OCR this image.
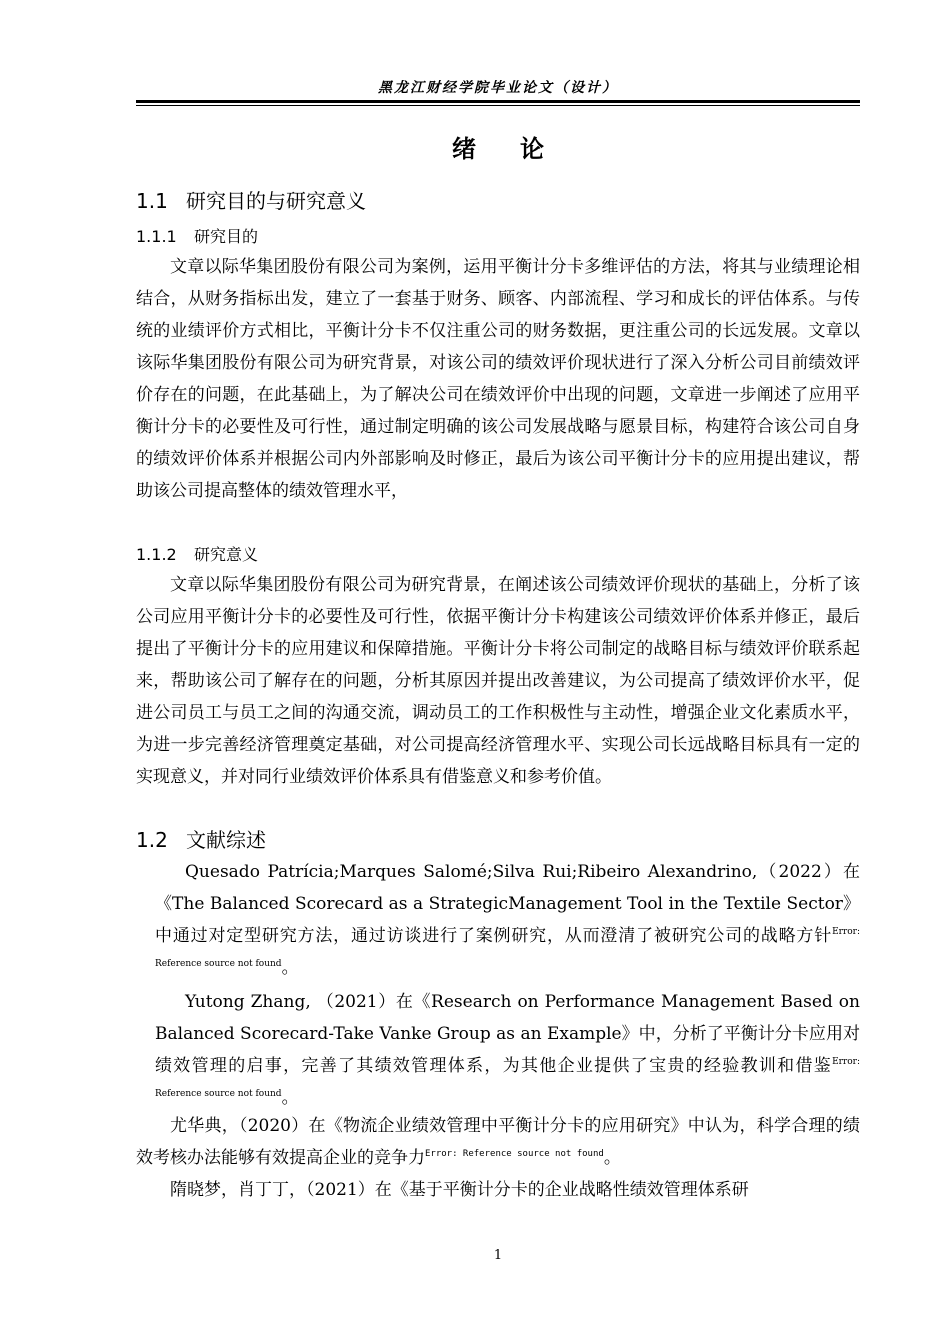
黑龙江财经学院毕业论文（设计）
绪论
1.1 研究目的与研究意义
1.1.1 研究目的

文章以际华集团股份有限公司为案例，运用平衡计分卡多维评估的方法，将其与业绩理论相结合，从财务指标出发，建立了一套基于财务、顾客、内部流程、学习和成长的评估体系。与传统的业绩评价方式相比，平衡计分卡不仅注重公司的财务数据，更注重公司的长远发展。文章以该际华集团股份有限公司为研究背景，对该公司的绩效评价现状进行了深入分析公司目前绩效评价存在的问题，在此基础上，为了解决公司在绩效评价中出现的问题，文章进一步阐述了应用平衡计分卡的必要性及可行性，通过制定明确的该公司发展战略与愿景目标，构建符合该公司自身的绩效评价体系并根据公司内外部影响及时修正，最后为该公司平衡计分卡的应用提出建议，帮助该公司提高整体的绩效管理水平，

1.1.2 研究意义

文章以际华集团股份有限公司为研究背景，在阐述该公司绩效评价现状的基础上，分析了该公司应用平衡计分卡的必要性及可行性，依据平衡计分卡构建该公司绩效评价体系并修正，最后提出了平衡计分卡的应用建议和保障措施。平衡计分卡将公司制定的战略目标与绩效评价联系起来，帮助该公司了解存在的问题，分析其原因并提出改善建议，为公司提高了绩效评价水平，促进公司员工与员工之间的沟通交流，调动员工的工作积极性与主动性，增强企业文化素质水平，为进一步完善经济管理奠定基础，对公司提高经济管理水平、实现公司长远战略目标具有一定的实现意义，并对同行业绩效评价体系具有借鉴意义和参考价值。

1.2 文献综述

Quesado Patrícia;Marques Salomé;Silva Rui;Ribeiro Alexandrino,（2022）在《The Balanced Scorecard as a StrategicManagement Tool in the Textile Sector》中通过对定型研究方法，通过访谈进行了案例研究，从而澄清了被研究公司的战略方针$^{Error: Reference source not found}$。

Yutong Zhang, （2021）在《Research on Performance Management Based on Balanced Scorecard-Take Vanke Group as an Example》中，分析了平衡计分卡应用对绩效管理的启事，完善了其绩效管理体系，为其他企业提供了宝贵的经验教训和借鉴$^{Error: Reference source not found}$。

尤华典，（2020）在《物流企业绩效管理中平衡计分卡的应用研究》中认为，科学合理的绩效考核办法能够有效提高企业的竞争力$^{Error: Reference source not found}$。

隋晓梦，肖丁丁，（2021）在《基于平衡计分卡的企业战略性绩效管理体系研

1
